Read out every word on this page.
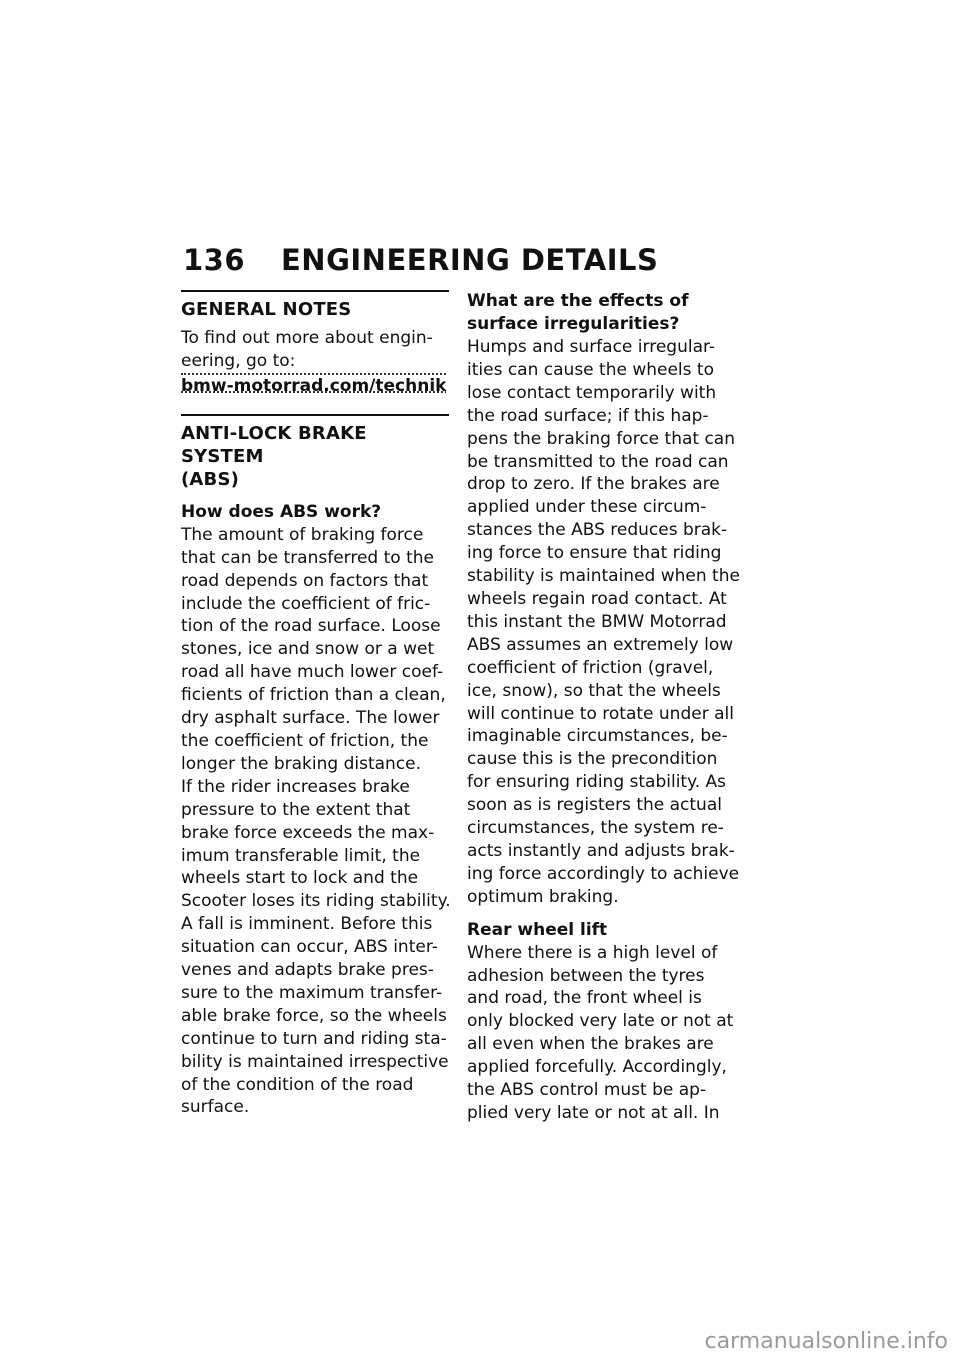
136 ENGINEERING DETAILS
GENERAL NOTES
To find out more about engin-
eering, go to:
bmw-motorrad.com/technik
ANTI-LOCK BRAKE SYSTEM
(ABS)
How does ABS work?
The amount of braking force
that can be transferred to the
road depends on factors that
include the coefficient of fric-
tion of the road surface. Loose
stones, ice and snow or a wet
road all have much lower coef-
ficients of friction than a clean,
dry asphalt surface. The lower
the coefficient of friction, the
longer the braking distance.
If the rider increases brake
pressure to the extent that
brake force exceeds the max-
imum transferable limit, the
wheels start to lock and the
Scooter loses its riding stability.
A fall is imminent. Before this
situation can occur, ABS inter-
venes and adapts brake pres-
sure to the maximum transfer-
able brake force, so the wheels
continue to turn and riding sta-
bility is maintained irrespective
of the condition of the road
surface.
What are the effects of
surface irregularities?
Humps and surface irregular-
ities can cause the wheels to
lose contact temporarily with
the road surface; if this hap-
pens the braking force that can
be transmitted to the road can
drop to zero. If the brakes are
applied under these circum-
stances the ABS reduces brak-
ing force to ensure that riding
stability is maintained when the
wheels regain road contact. At
this instant the BMW Motorrad
ABS assumes an extremely low
coefficient of friction (gravel,
ice, snow), so that the wheels
will continue to rotate under all
imaginable circumstances, be-
cause this is the precondition
for ensuring riding stability. As
soon as is registers the actual
circumstances, the system re-
acts instantly and adjusts brak-
ing force accordingly to achieve
optimum braking.
Rear wheel lift
Where there is a high level of
adhesion between the tyres
and road, the front wheel is
only blocked very late or not at
all even when the brakes are
applied forcefully. Accordingly,
the ABS control must be ap-
plied very late or not at all. In
carmanualsonline.info
